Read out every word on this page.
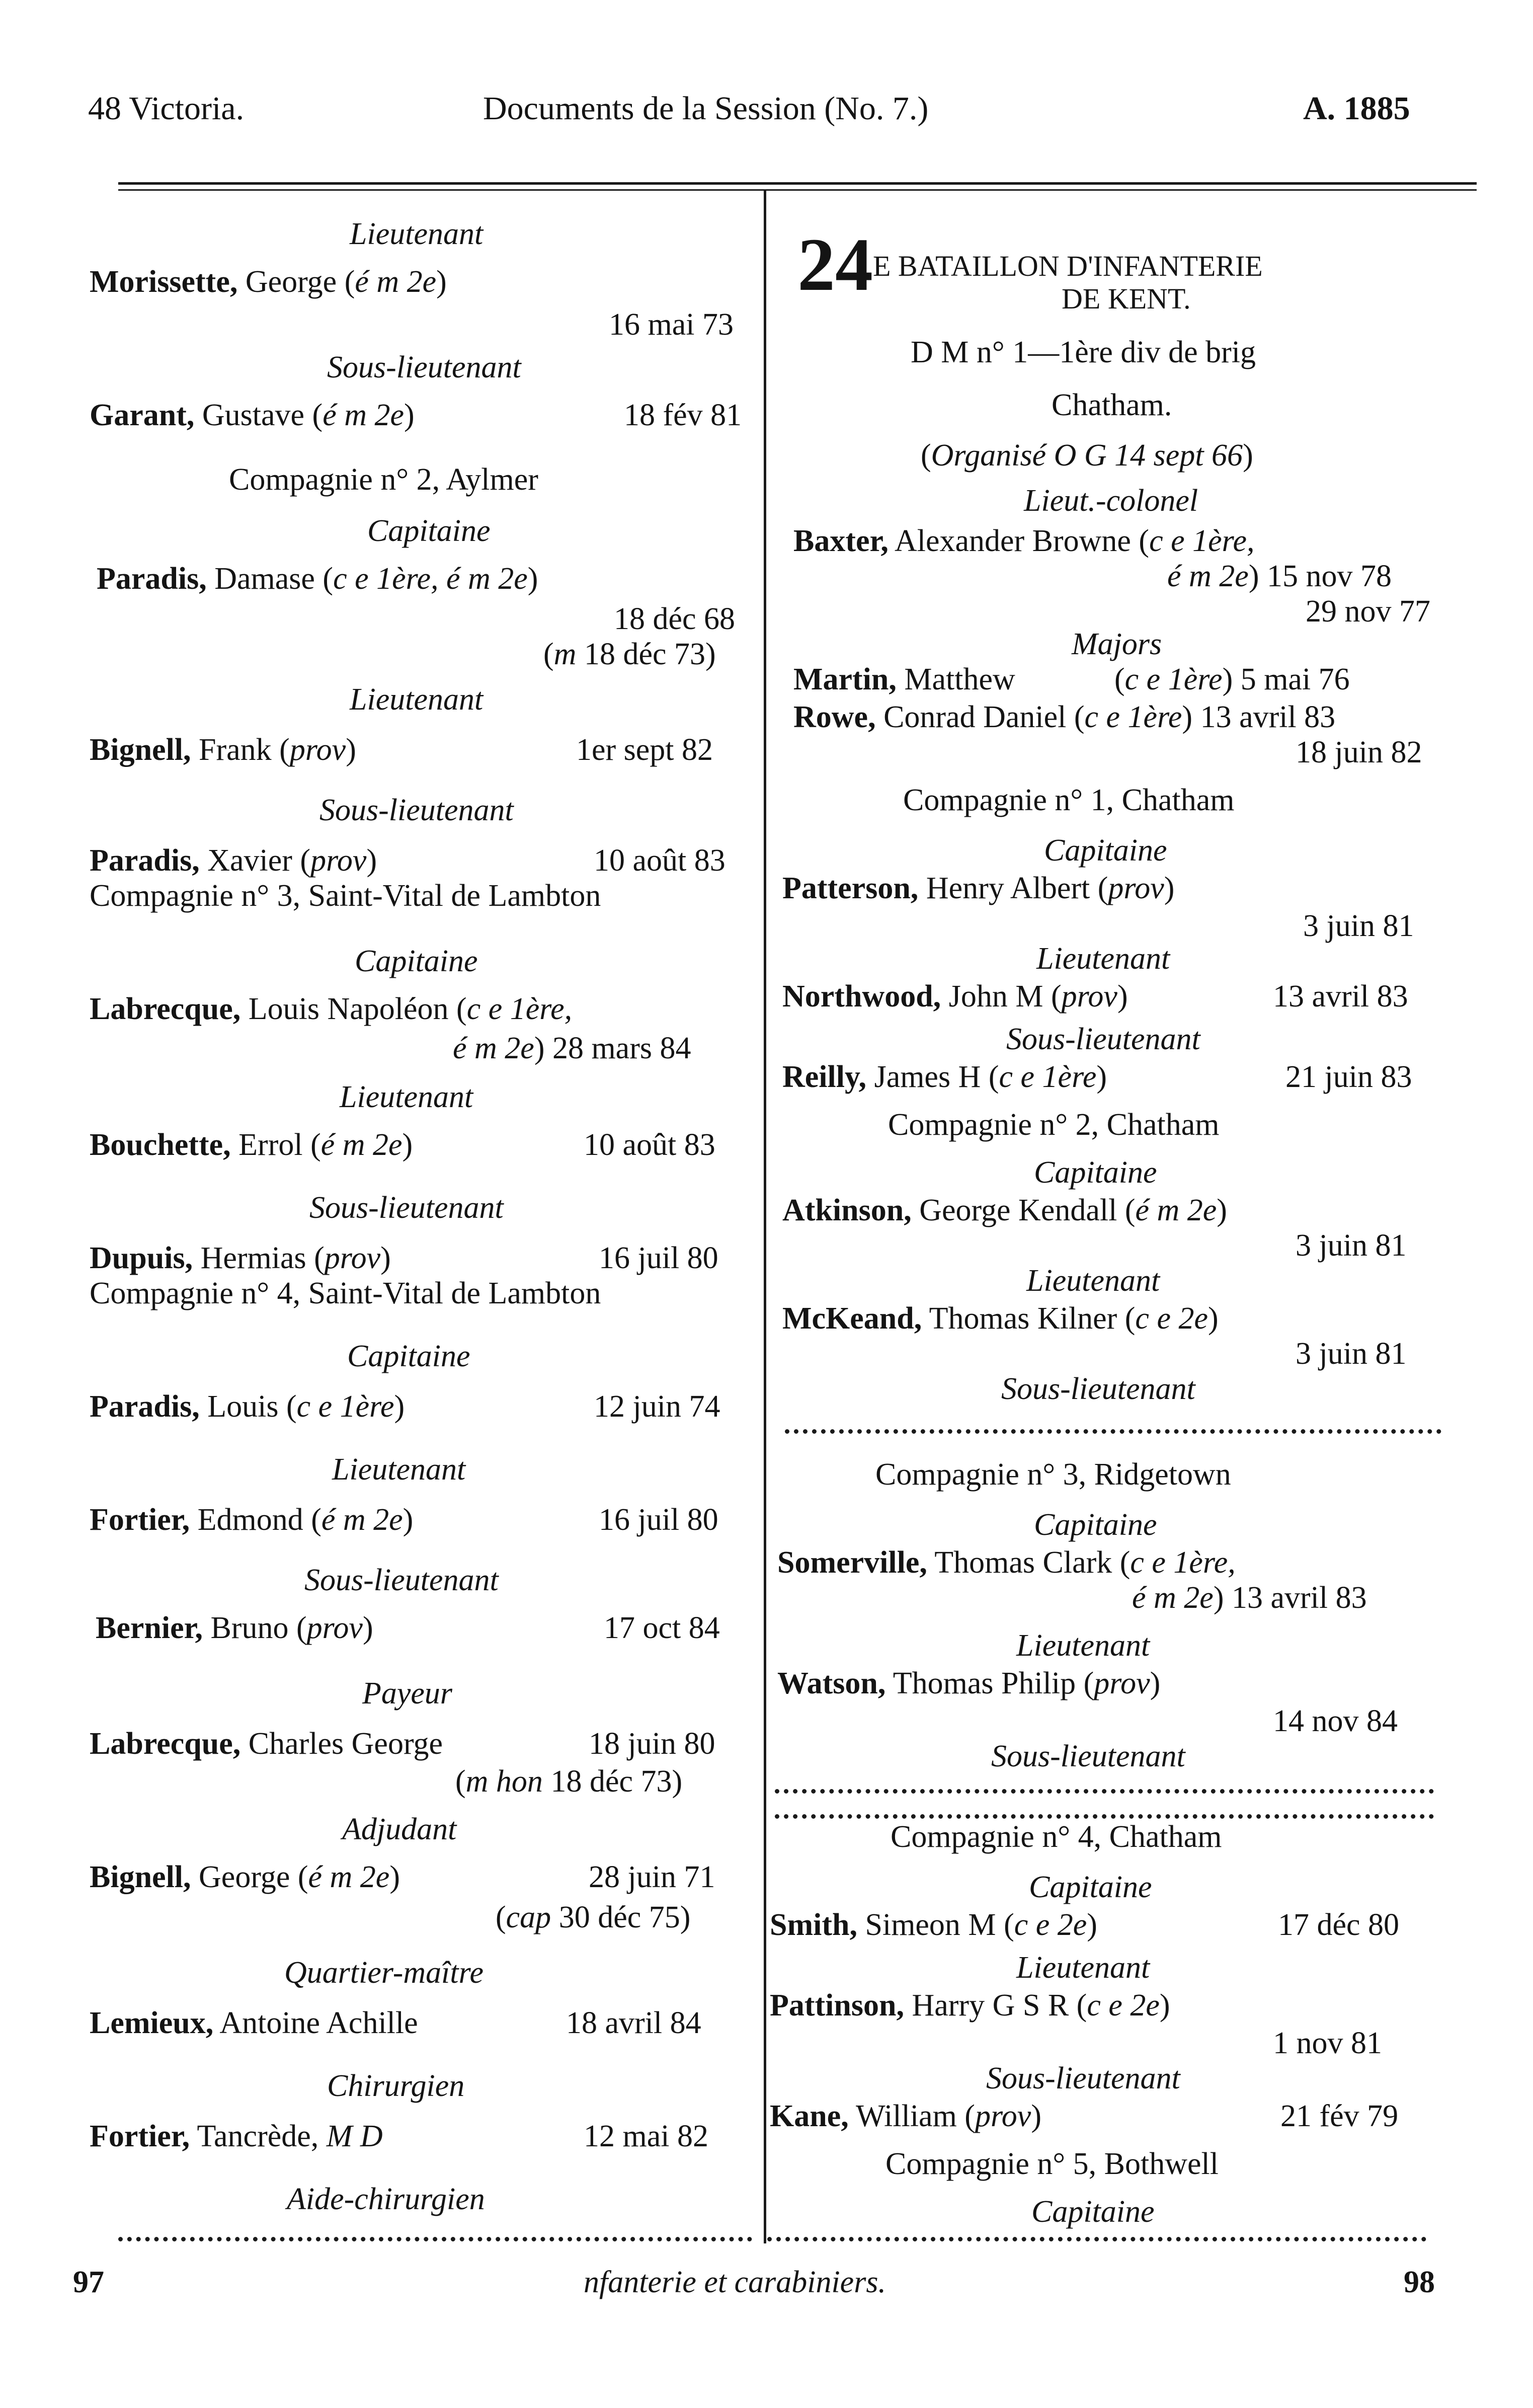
48 Victoria.	Documents de la Session (No. 7.)	A. 1885
Lieutenant
Morissette, George (é m 2e)
16 mai 73
Sous-lieutenant
Garant, Gustave (é m 2e)	18 fév 81
Compagnie n° 2, Aylmer
Capitaine
Paradis, Damase (c e 1ère, é m 2e)
18 déc 68
(m 18 déc 73)
Lieutenant
Bignell, Frank (prov)	1er sept 82
Sous-lieutenant
Paradis, Xavier (prov)	10 août 83
Compagnie n° 3, Saint-Vital de Lambton
Capitaine
Labrecque, Louis Napoléon (c e 1ère,
é m 2e) 28 mars 84
Lieutenant
Bouchette, Errol (é m 2e)	10 août 83
Sous-lieutenant
Dupuis, Hermias (prov)	16 juil 80
Compagnie n° 4, Saint-Vital de Lambton
Capitaine
Paradis, Louis (c e 1ère)	12 juin 74
Lieutenant
Fortier, Edmond (é m 2e)	16 juil 80
Sous-lieutenant
Bernier, Bruno (prov)	17 oct 84
Payeur
Labrecque, Charles George	18 juin 80
(m hon 18 déc 73)
Adjudant
Bignell, George (é m 2e)	28 juin 71
(cap 30 déc 75)
Quartier-maître
Lemieux, Antoine Achille	18 avril 84
Chirurgien
Fortier, Tancrède, M D	12 mai 82
Aide-chirurgien
24E BATAILLON D'INFANTERIE
DE KENT.
D M n° 1—1ère div de brig
Chatham.
(Organisé O G 14 sept 66)
Lieut.-colonel
Baxter, Alexander Browne (c e 1ère,
é m 2e) 15 nov 78
29 nov 77
Majors
Martin, Matthew	(c e 1ère) 5 mai 76
Rowe, Conrad Daniel (c e 1ère) 13 avril 83
18 juin 82
Compagnie n° 1, Chatham
Capitaine
Patterson, Henry Albert (prov)
3 juin 81
Lieutenant
Northwood, John M (prov)	13 avril 83
Sous-lieutenant
Reilly, James H (c e 1ère)	21 juin 83
Compagnie n° 2, Chatham
Capitaine
Atkinson, George Kendall (é m 2e)
3 juin 81
Lieutenant
McKeand, Thomas Kilner (c e 2e)
3 juin 81
Sous-lieutenant
Compagnie n° 3, Ridgetown
Capitaine
Somerville, Thomas Clark (c e 1ère,
é m 2e) 13 avril 83
Lieutenant
Watson, Thomas Philip (prov)
14 nov 84
Sous-lieutenant
Compagnie n° 4, Chatham
Capitaine
Smith, Simeon M (c e 2e)	17 déc 80
Lieutenant
Pattinson, Harry G S R (c e 2e)
1 nov 81
Sous-lieutenant
Kane, William (prov)	21 fév 79
Compagnie n° 5, Bothwell
Capitaine
97	nfanterie et carabiniers.	98
